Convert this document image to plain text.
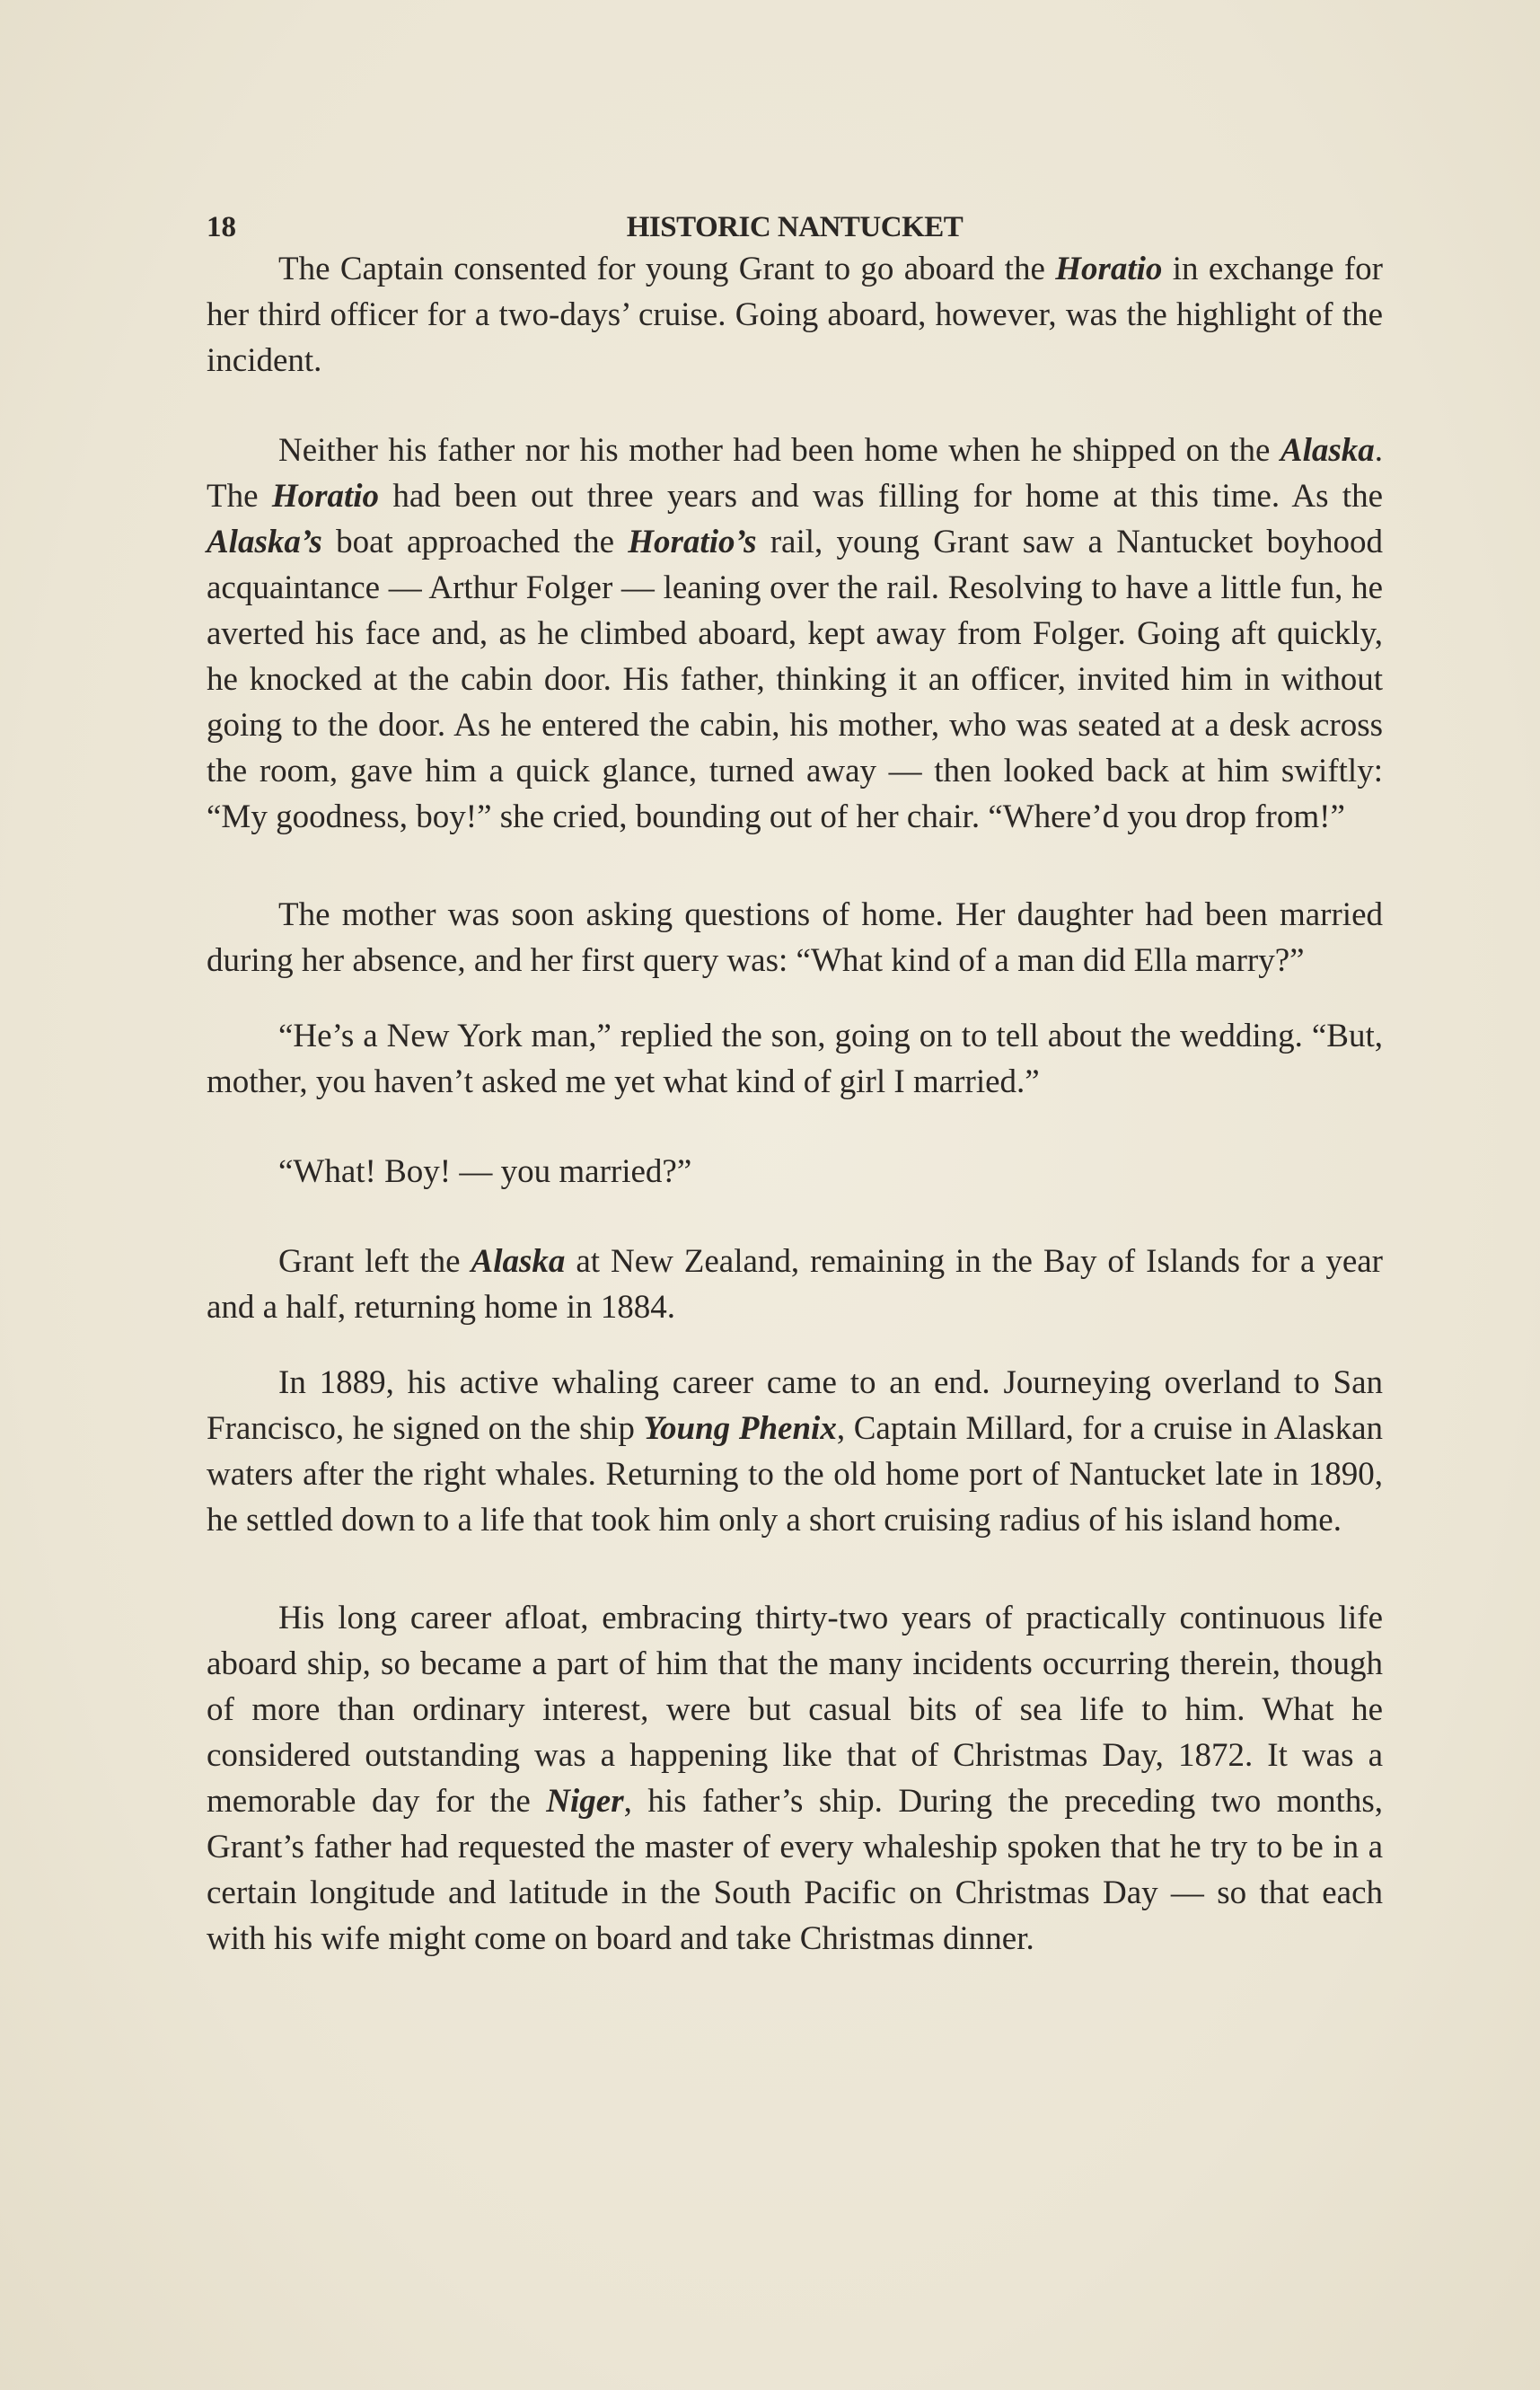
18	HISTORIC NANTUCKET

The Captain consented for young Grant to go aboard the Horatio in exchange for her third officer for a two-days’ cruise. Going aboard, however, was the highlight of the incident.

Neither his father nor his mother had been home when he shipped on the Alaska. The Horatio had been out three years and was filling for home at this time. As the Alaska’s boat approached the Horatio’s rail, young Grant saw a Nantucket boyhood acquaintance — Arthur Folger — leaning over the rail. Resolving to have a little fun, he averted his face and, as he climbed aboard, kept away from Folger. Going aft quickly, he knocked at the cabin door. His father, thinking it an officer, invited him in without going to the door. As he entered the cabin, his mother, who was seated at a desk across the room, gave him a quick glance, turned away — then looked back at him swiftly: “My goodness, boy!” she cried, bounding out of her chair. “Where’d you drop from!”

The mother was soon asking questions of home. Her daughter had been married during her absence, and her first query was: “What kind of a man did Ella marry?”

“He’s a New York man,” replied the son, going on to tell about the wedding. “But, mother, you haven’t asked me yet what kind of girl I married.”

“What! Boy! — you married?”

Grant left the Alaska at New Zealand, remaining in the Bay of Islands for a year and a half, returning home in 1884.

In 1889, his active whaling career came to an end. Journeying overland to San Francisco, he signed on the ship Young Phenix, Captain Millard, for a cruise in Alaskan waters after the right whales. Returning to the old home port of Nantucket late in 1890, he settled down to a life that took him only a short cruising radius of his island home.

His long career afloat, embracing thirty-two years of practically continuous life aboard ship, so became a part of him that the many incidents occurring therein, though of more than ordinary interest, were but casual bits of sea life to him. What he considered outstanding was a happening like that of Christmas Day, 1872. It was a memorable day for the Niger, his father’s ship. During the preceding two months, Grant’s father had requested the master of every whaleship spoken that he try to be in a certain longitude and latitude in the South Pacific on Christmas Day — so that each with his wife might come on board and take Christmas dinner.
